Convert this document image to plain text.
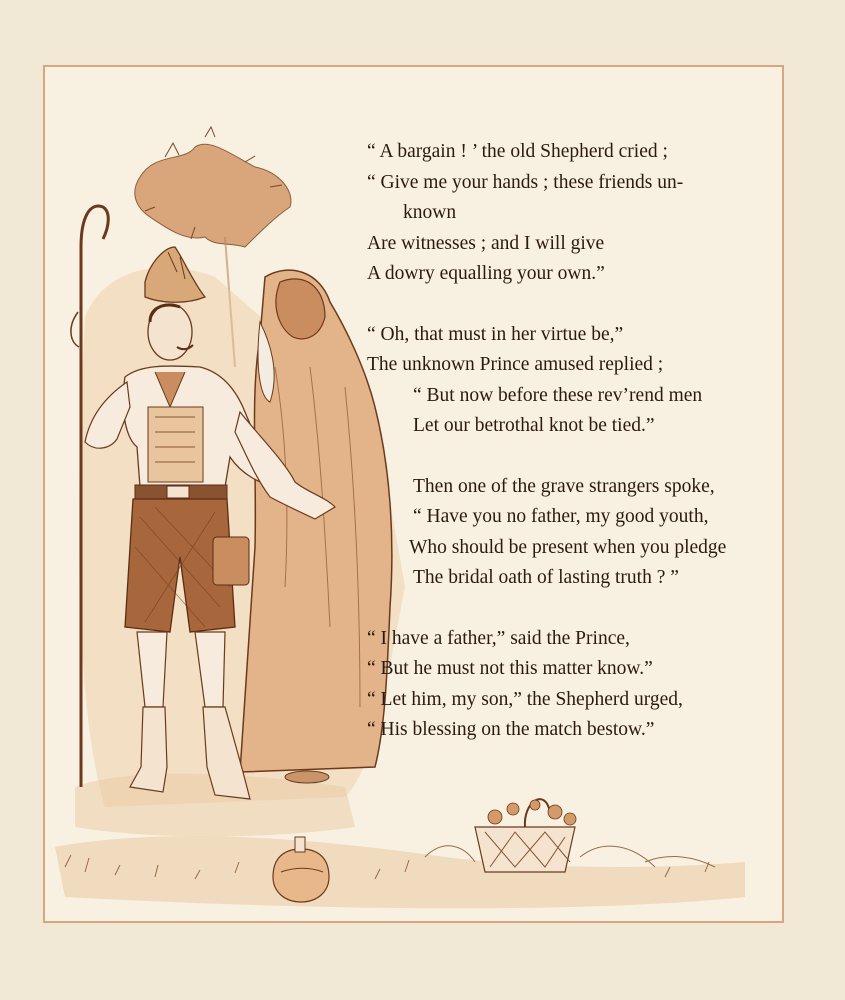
“ A bargain ! ’ the old Shepherd cried ;
“ Give me your hands ; these friends un-
known
Are witnesses ; and I will give
A dowry equalling your own.”
“ Oh, that must in her virtue be,”
The unknown Prince amused replied ;
“ But now before these rev’rend men
Let our betrothal knot be tied.”
Then one of the grave strangers spoke,
“ Have you no father, my good youth,
Who should be present when you pledge
The bridal oath of lasting truth ? ”
“ I have a father,” said the Prince,
“ But he must not this matter know.”
“ Let him, my son,” the Shepherd urged,
“ His blessing on the match bestow.”
